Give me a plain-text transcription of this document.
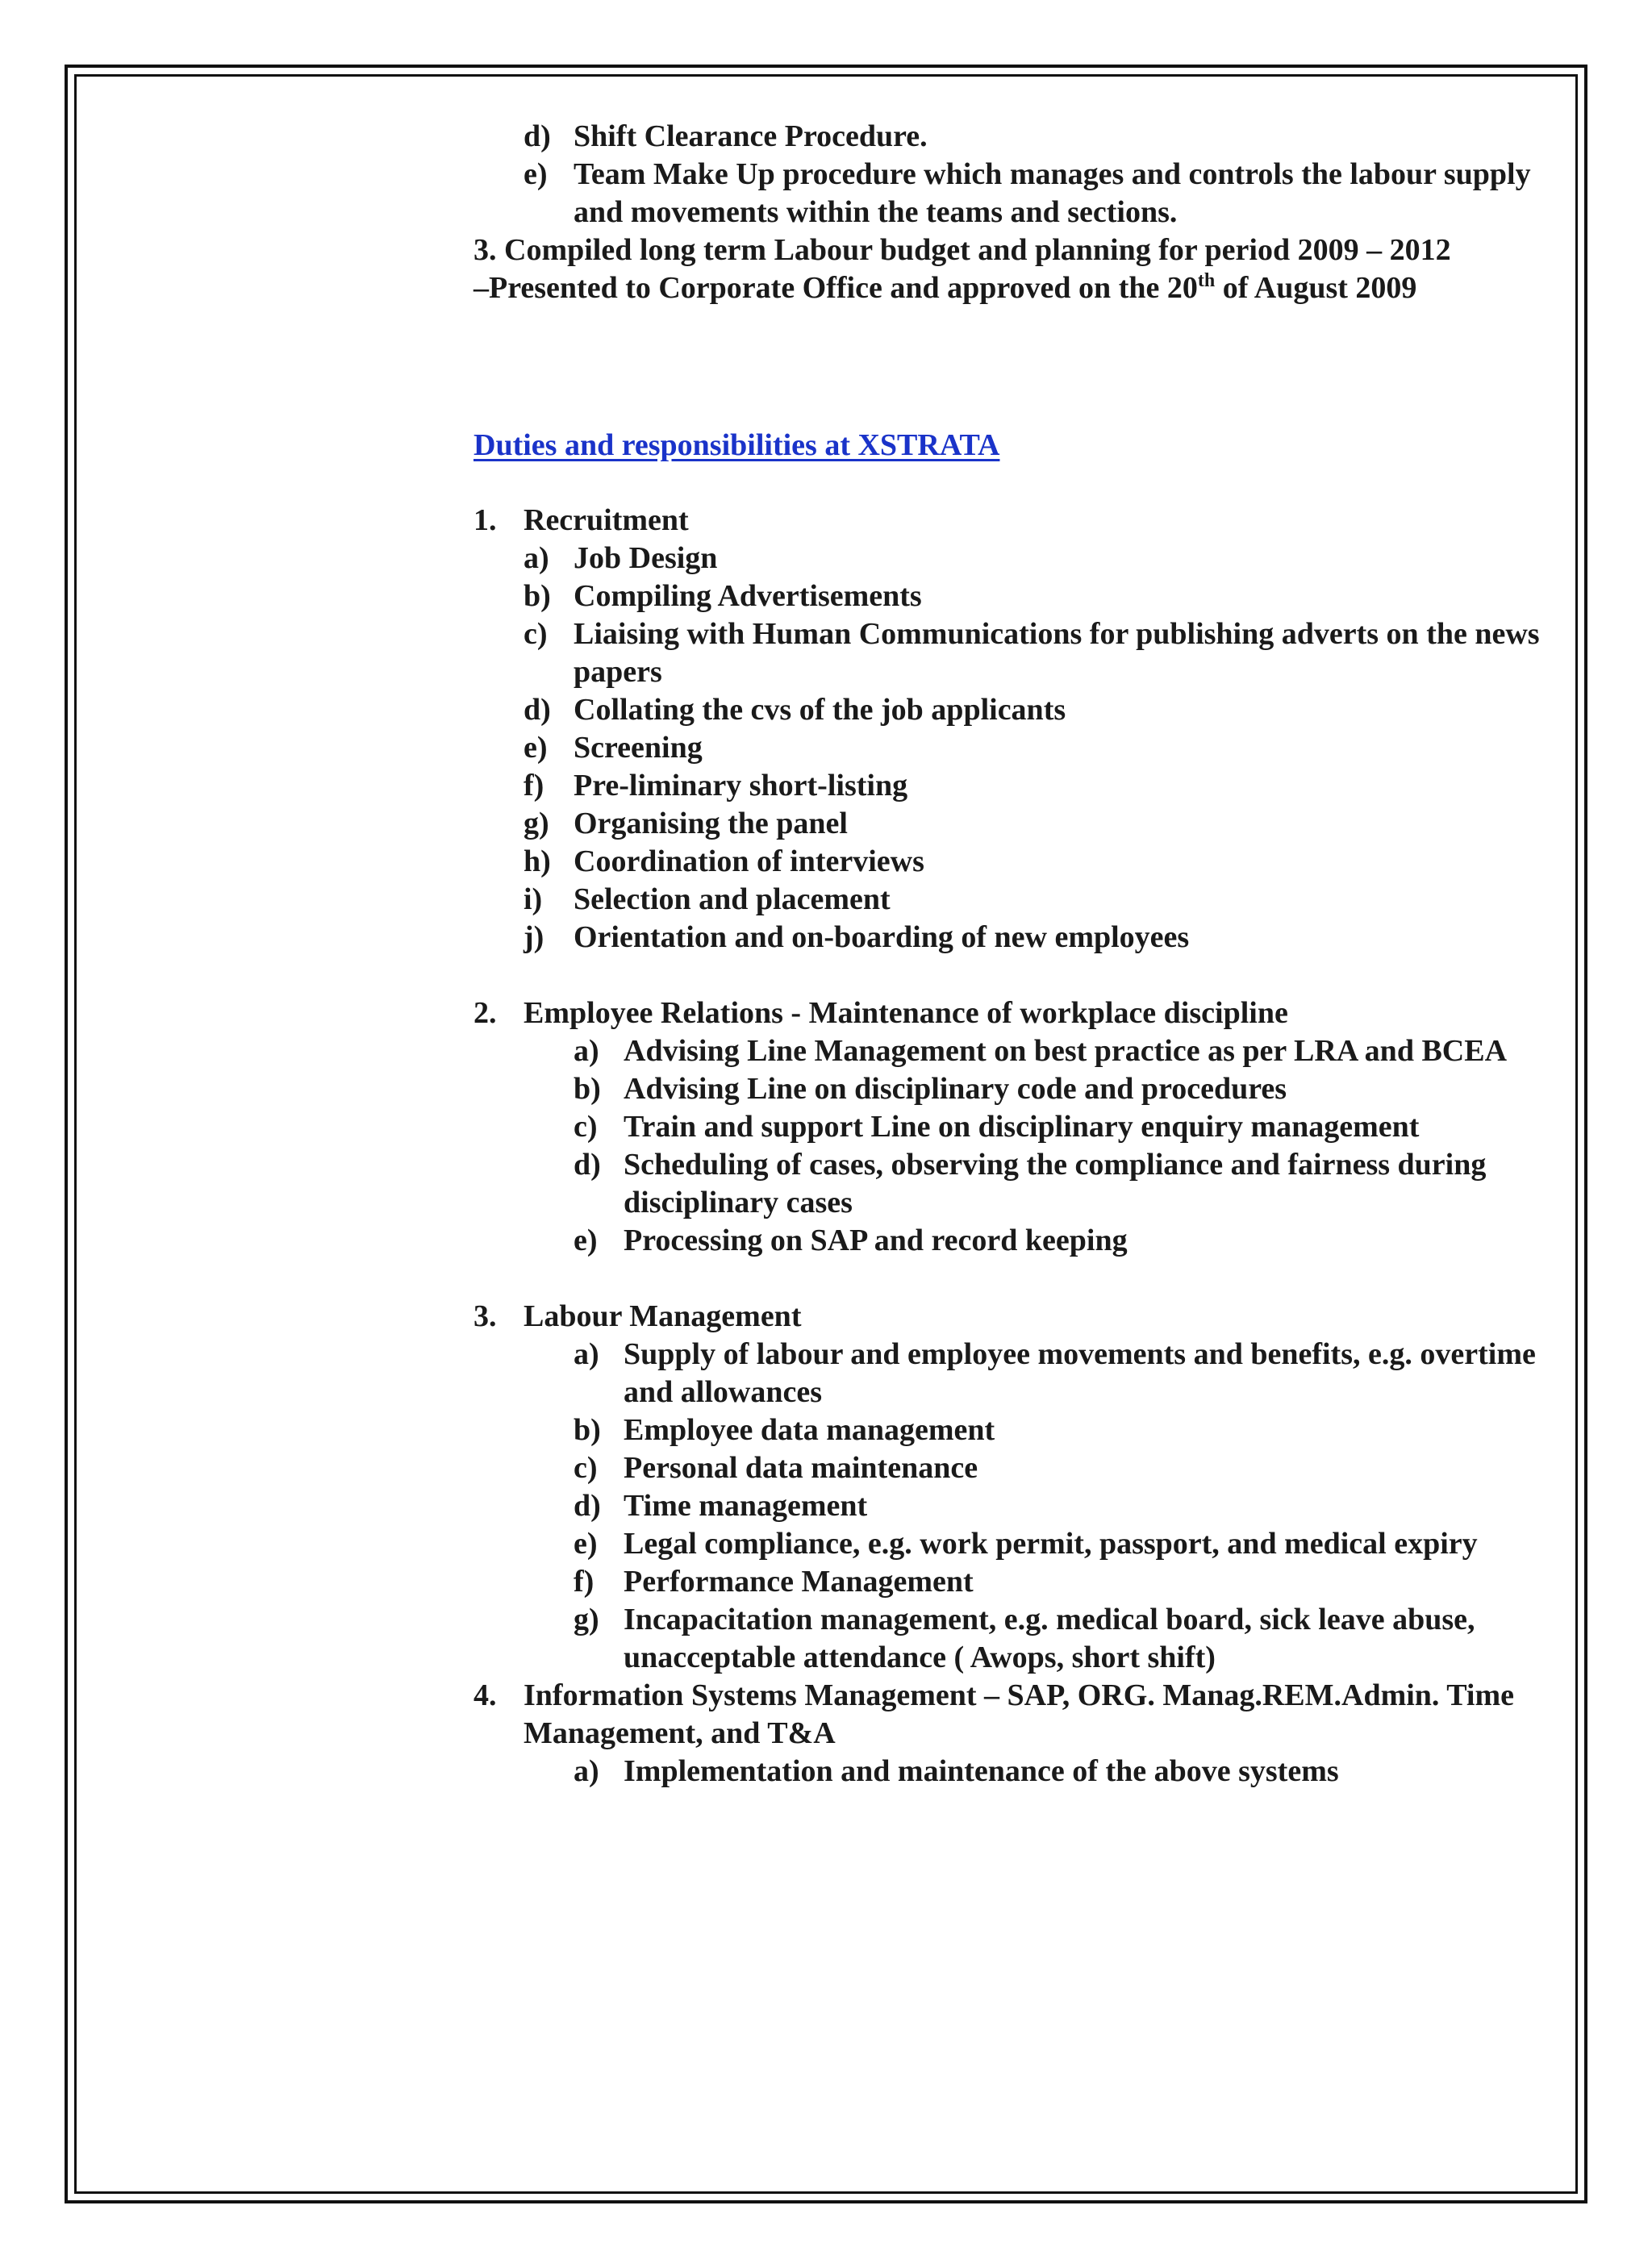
d) Shift Clearance Procedure.
e) Team Make Up procedure which manages and controls the labour supply and movements within the teams and sections.
3. Compiled long term Labour budget and planning for period 2009 – 2012
–Presented to Corporate Office and approved on the 20th of August 2009
Duties and responsibilities at XSTRATA
1. Recruitment
a) Job Design
b) Compiling Advertisements
c) Liaising with Human Communications for publishing adverts on the news papers
d) Collating the cvs of the job applicants
e) Screening
f) Pre-liminary short-listing
g) Organising the panel
h) Coordination of interviews
i) Selection and placement
j) Orientation and on-boarding of new employees
2. Employee Relations - Maintenance of workplace discipline
a) Advising Line Management on best practice as per LRA and BCEA
b) Advising Line on disciplinary code and procedures
c) Train and support Line on disciplinary enquiry management
d) Scheduling of cases, observing the compliance and fairness during disciplinary cases
e) Processing on SAP and record keeping
3. Labour Management
a) Supply of labour and employee movements and benefits, e.g. overtime and allowances
b) Employee data management
c) Personal data maintenance
d) Time management
e) Legal compliance, e.g. work permit, passport, and medical expiry
f) Performance Management
g) Incapacitation management, e.g. medical board, sick leave abuse, unacceptable attendance ( Awops, short shift)
4. Information Systems Management – SAP, ORG. Manag.REM.Admin. Time Management, and T&A
a) Implementation and maintenance of the above systems
